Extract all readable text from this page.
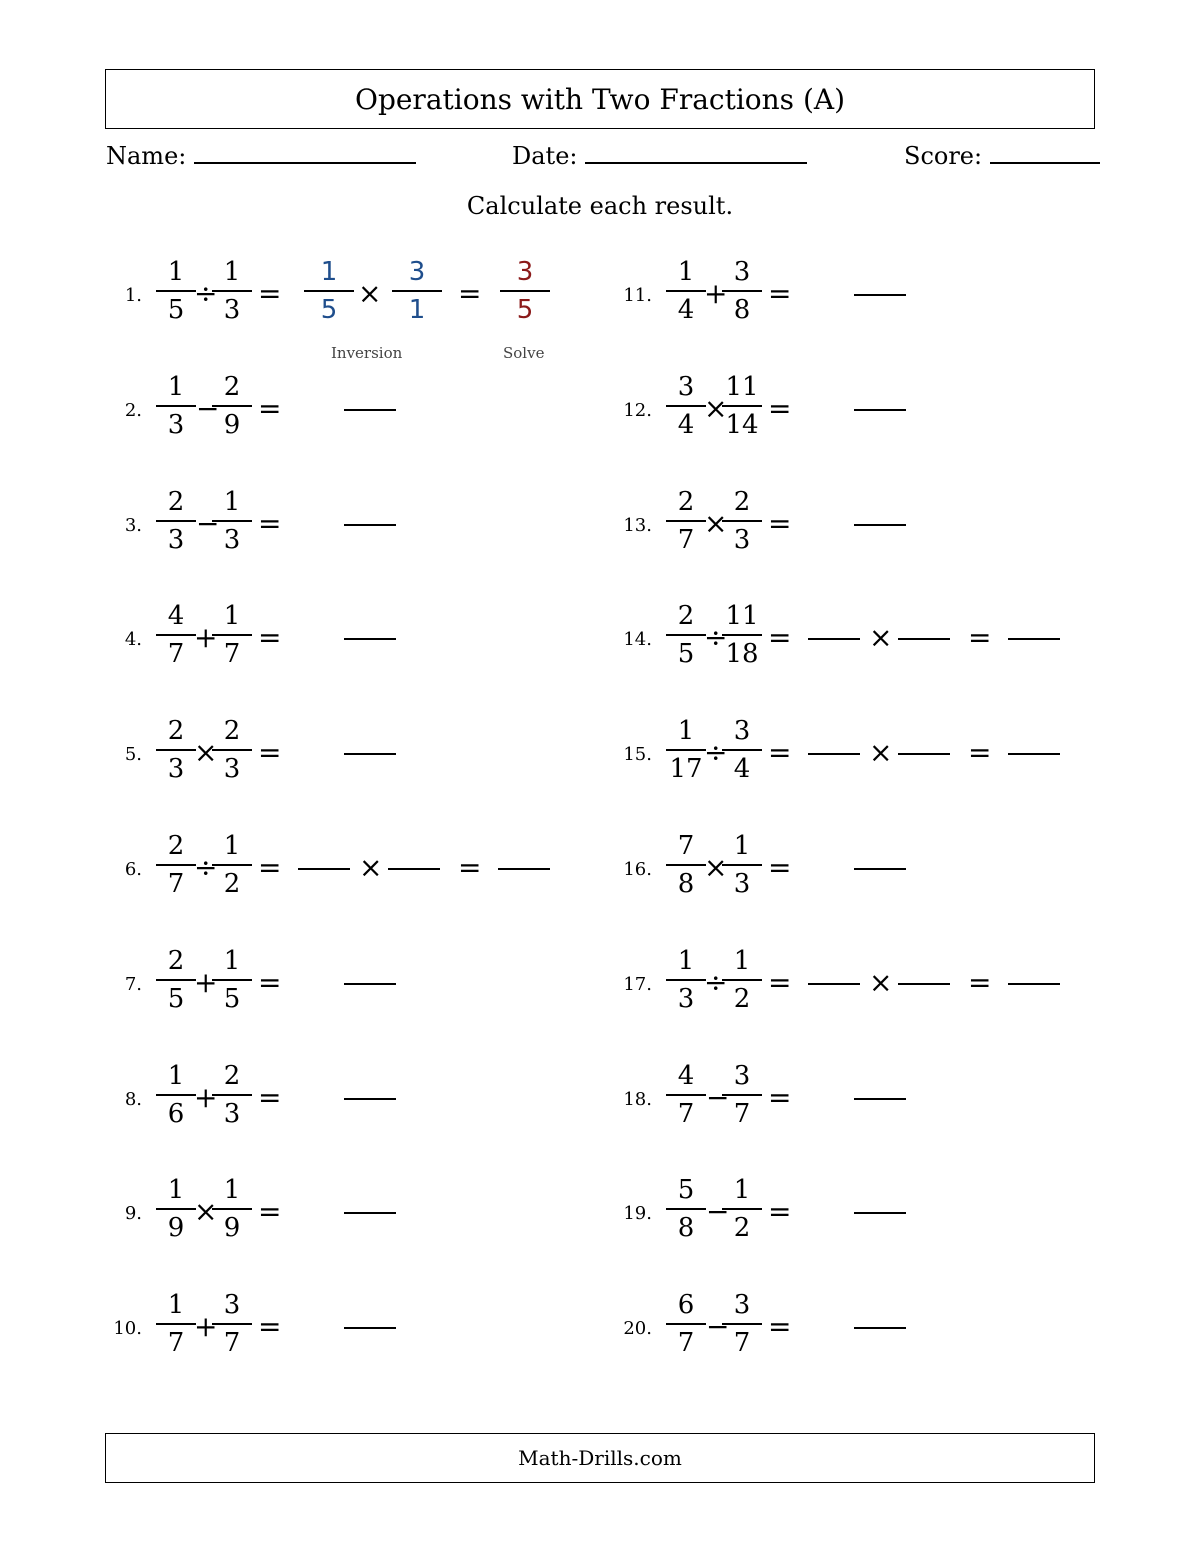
Operations with Two Fractions (A)
Name:	Date:	Score:
Calculate each result.
1.
1
5 ÷
1
3 =
1
5 ×
3
1 =
3
5
Inversion	Solve
2.
1
3 −
2
9 =
3.
2
3 −
1
3 =
4.
4
7 +
1
7 =
5.
2
3 ×
2
3 =
6.
2
7 ÷
1
2 =	×	=
7.
2
5 +
1
5 =
8.
1
6 +
2
3 =
9.
1
9 ×
1
9 =
10.
1
7 +
3
7 =
11.
1
4 +
3
8 =
12.
3
4 ×
11
14 =
13.
2
7 ×
2
3 =
14.
2
5 ÷
11
18 =	×	=
15.
1
17 ÷
3
4 =	×	=
16.
7
8 ×
1
3 =
17.
1
3 ÷
1
2 =	×	=
18.
4
7 −
3
7 =
19.
5
8 −
1
2 =
20.
6
7 −
3
7 =
Math-Drills.com
